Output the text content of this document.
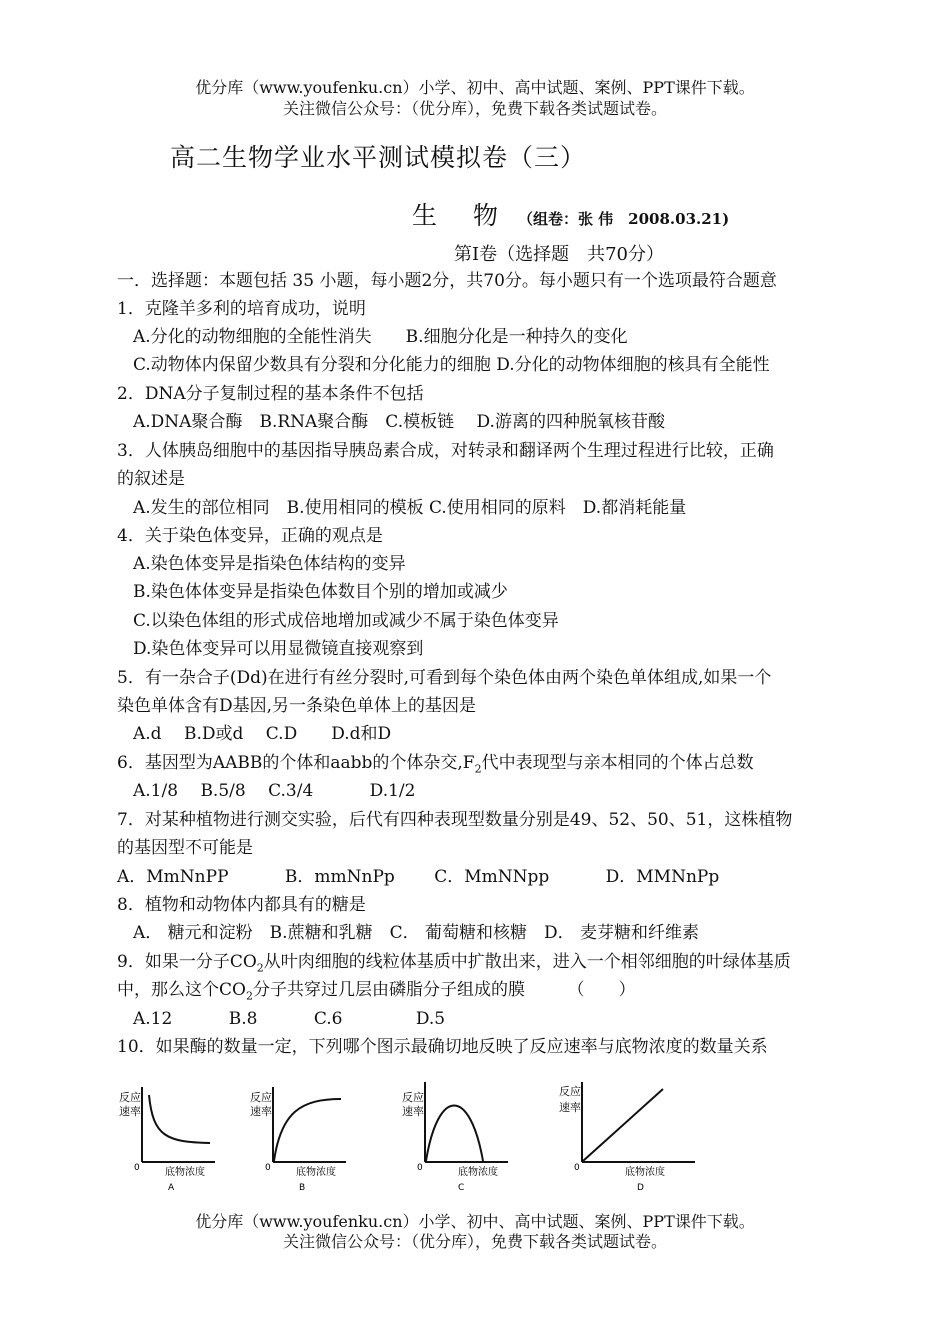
优分库（www.youfenku.cn）小学、初中、高中试题、案例、PPT课件下载。
关注微信公众号：（优分库），免费下载各类试题试卷。
高二生物学业水平测试模拟卷（三）
生 物 （组卷：张 伟　2008.03.21)
第Ⅰ卷（选择题　共70分）
一．选择题：本题包括 35 小题，每小题2分，共70分。每小题只有一个选项最符合题意
1．克隆羊多利的培育成功，说明
A.分化的动物细胞的全能性消失　　B.细胞分化是一种持久的变化
C.动物体内保留少数具有分裂和分化能力的细胞 D.分化的动物体细胞的核具有全能性
2．DNA分子复制过程的基本条件不包括
A.DNA聚合酶　B.RNA聚合酶　C.模板链　 D.游离的四种脱氧核苷酸
3．人体胰岛细胞中的基因指导胰岛素合成，对转录和翻译两个生理过程进行比较，正确
的叙述是
A.发生的部位相同　B.使用相同的模板 C.使用相同的原料　D.都消耗能量
4．关于染色体变异，正确的观点是
A.染色体变异是指染色体结构的变异
B.染色体体变异是指染色体数目个别的增加或减少
C.以染色体组的形式成倍地增加或减少不属于染色体变异
D.染色体变异可以用显微镜直接观察到
5．有一杂合子(Dd)在进行有丝分裂时,可看到每个染色体由两个染色单体组成,如果一个
染色单体含有D基因,另一条染色单体上的基因是
A.d　 B.D或d　 C.D　　D.d和D
6．基因型为AABB的个体和aabb的个体杂交$,F_2$代中表现型与亲本相同的个体占总数
A.1/8　 B.5/8　 C.3/4　　　 D.1/2
7．对某种植物进行测交实验，后代有四种表现型数量分别是49、52、50、51，这株植物
的基因型不可能是
A．MmNnPP　　　 B．mmNnPp　　 C．MmNNpp　　　 D．MMNnPp
8．植物和动物体内都具有的糖是
A． 糖元和淀粉　B.蔗糖和乳糖　C． 葡萄糖和核糖　D． 麦芽糖和纤维素
9．如果一分子$CO_2$从叶肉细胞的线粒体基质中扩散出来，进入一个相邻细胞的叶绿体基质
中，那么这个$CO_2$分子共穿过几层由磷脂分子组成的膜　　　（　　）
A.12　　　 B.8　　　 C.6　　　　 D.5
10．如果酶的数量一定，下列哪个图示最确切地反映了反应速率与底物浓度的数量关系
反应
速率
0	底物浓度
A
反应
速率
0	底物浓度
B
反应
速率
0	底物浓度
C
反应
速率
0	底物浓度
D
优分库（www.youfenku.cn）小学、初中、高中试题、案例、PPT课件下载。
关注微信公众号：（优分库），免费下载各类试题试卷。
